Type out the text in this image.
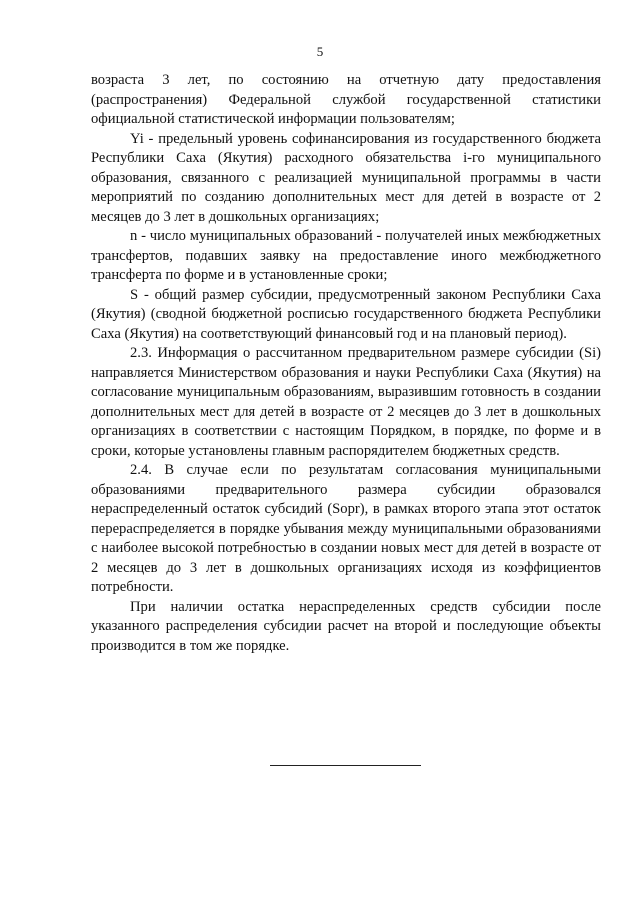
5

возраста 3 лет, по состоянию на отчетную дату предоставления (распространения) Федеральной службой государственной статистики официальной статистической информации пользователям;

Yi - предельный уровень софинансирования из государственного бюджета Республики Саха (Якутия) расходного обязательства i-го муниципального образования, связанного с реализацией муниципальной программы в части мероприятий по созданию дополнительных мест для детей в возрасте от 2 месяцев до 3 лет в дошкольных организациях;

n - число муниципальных образований - получателей иных межбюджетных трансфертов, подавших заявку на предоставление иного межбюджетного трансферта по форме и в установленные сроки;

S - общий размер субсидии, предусмотренный законом Республики Саха (Якутия) (сводной бюджетной росписью государственного бюджета Республики Саха (Якутия) на соответствующий финансовый год и на плановый период).

2.3. Информация о рассчитанном предварительном размере субсидии (Si) направляется Министерством образования и науки Республики Саха (Якутия) на согласование муниципальным образованиям, выразившим готовность в создании дополнительных мест для детей в возрасте от 2 месяцев до 3 лет в дошкольных организациях в соответствии с настоящим Порядком, в порядке, по форме и в сроки, которые установлены главным распорядителем бюджетных средств.

2.4. В случае если по результатам согласования муниципальными образованиями предварительного размера субсидии образовался нераспределенный остаток субсидий (Sopr), в рамках второго этапа этот остаток перераспределяется в порядке убывания между муниципальными образованиями с наиболее высокой потребностью в создании новых мест для детей в возрасте от 2 месяцев до 3 лет в дошкольных организациях исходя из коэффициентов потребности.

При наличии остатка нераспределенных средств субсидии после указанного распределения субсидии расчет на второй и последующие объекты производится в том же порядке.
